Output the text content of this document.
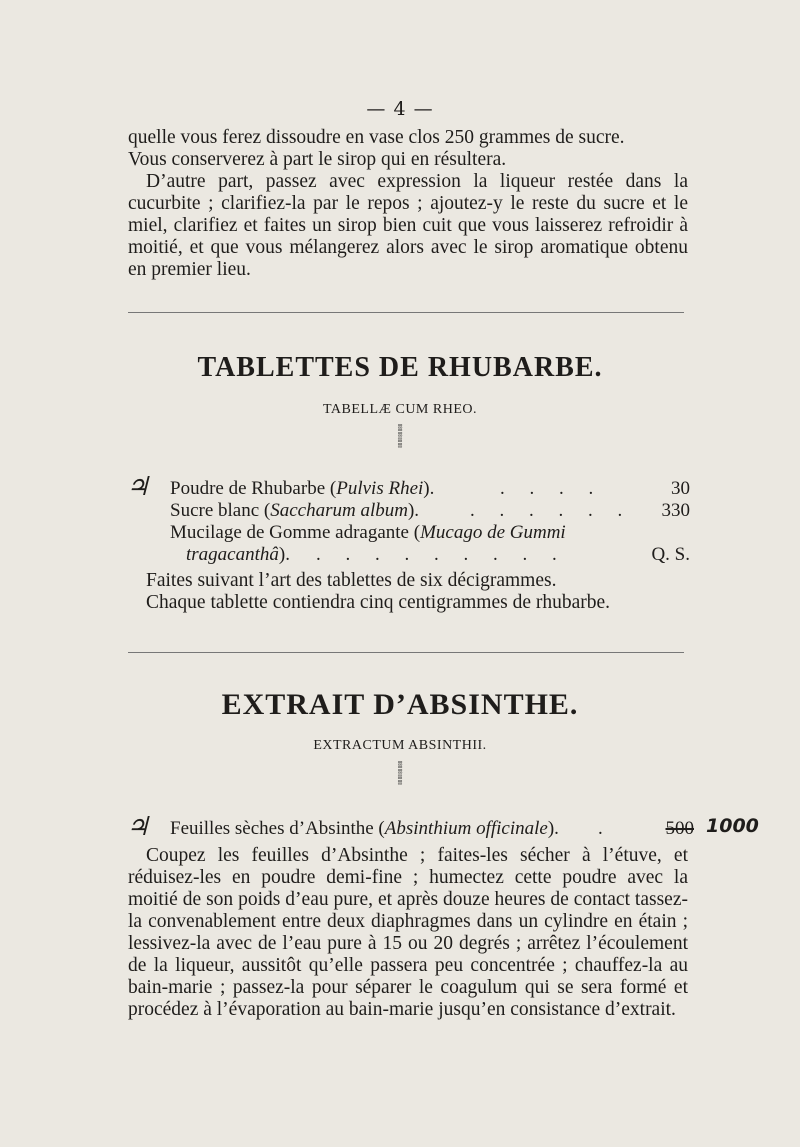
— 4 —
quelle vous ferez dissoudre en vase clos 250 grammes de sucre.
Vous conserverez à part le sirop qui en résultera.
D’autre part, passez avec expression la liqueur restée dans la cucurbite ; clarifiez-la par le repos ; ajoutez-y le reste du sucre et le miel, clarifiez et faites un sirop bien cuit que vous laisserez refroidir à moitié, et que vous mélangerez alors avec le sirop aromatique obtenu en premier lieu.
TABLETTES DE RHUBARBE.
TABELLÆ CUM RHEO.
♃ Poudre de Rhubarbe (Pulvis Rhei).	. . . .	30
Sucre blanc (Saccharum album).	. . . . . . 330
Mucilage de Gomme adragante (Mucago de Gummi
tragacanthâ). . . . . . . . . .	Q. S.
Faites suivant l’art des tablettes de six décigrammes.
Chaque tablette contiendra cinq centigrammes de rhubarbe.
EXTRAIT D’ABSINTHE.
EXTRACTUM ABSINTHII.
♃ Feuilles sèches d’Absinthe (Absinthium officinale). .	500 1000
Coupez les feuilles d’Absinthe ; faites-les sécher à l’étuve, et réduisez-les en poudre demi-fine ; humectez cette poudre avec la moitié de son poids d’eau pure, et après douze heures de contact tassez-la convenablement entre deux diaphragmes dans un cylindre en étain ; lessivez-la avec de l’eau pure à 15 ou 20 degrés ; arrêtez l’écoulement de la liqueur, aussitôt qu’elle passera peu concentrée ; chauffez-la au bain-marie ; passez-la pour séparer le coagulum qui se sera formé et procédez à l’évaporation au bain-marie jusqu’en consistance d’extrait.
